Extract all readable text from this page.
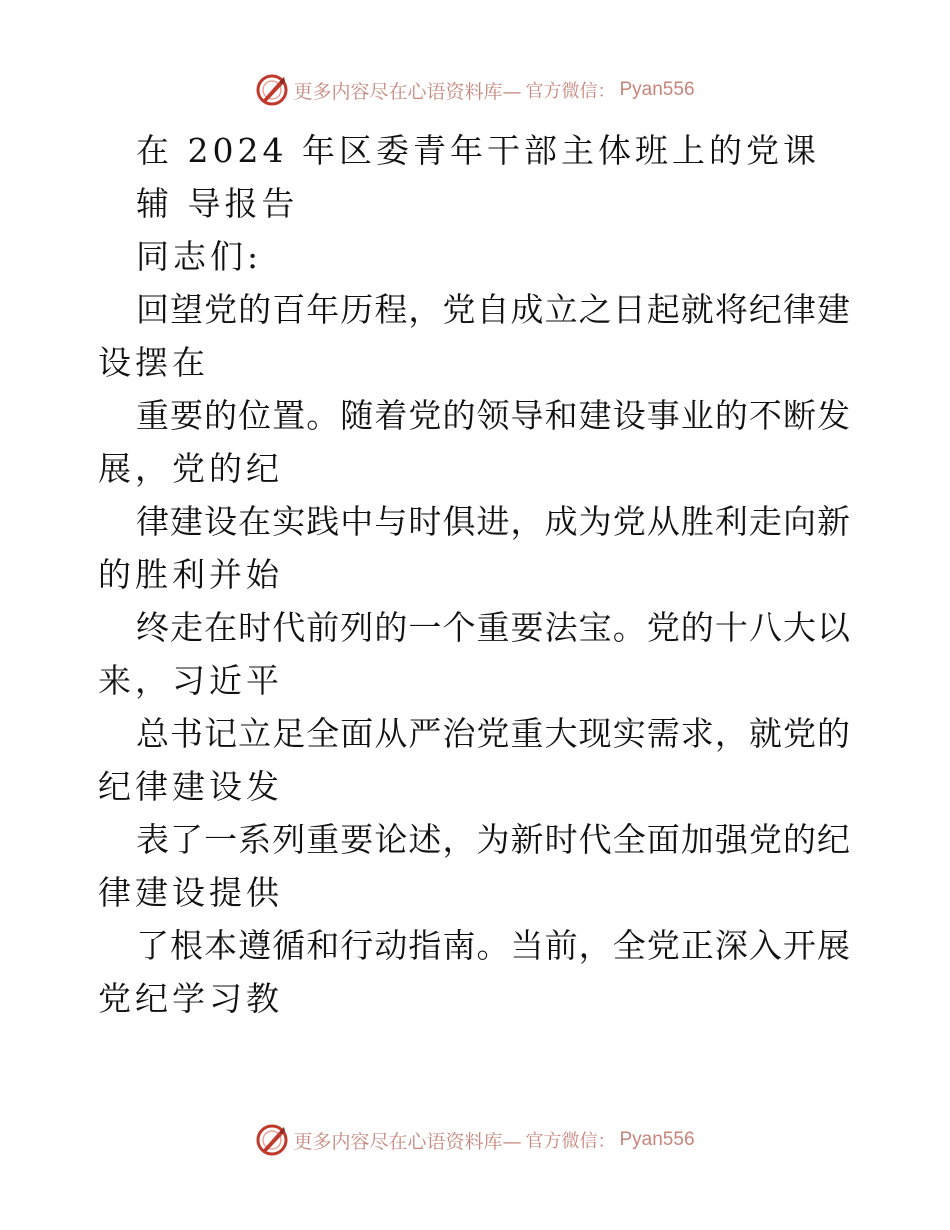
更多内容尽在心语资料库— 官方微信： Pyan556
在 2024 年区委青年干部主体班上的党课
辅 导报告
同志们:
回望党的百年历程，党自成立之日起就将纪律建
设摆在
重要的位置。随着党的领导和建设事业的不断发
展，党的纪
律建设在实践中与时俱进，成为党从胜利走向新
的胜利并始
终走在时代前列的一个重要法宝。党的十八大以
来，习近平
总书记立足全面从严治党重大现实需求，就党的
纪律建设发
表了一系列重要论述，为新时代全面加强党的纪
律建设提供
了根本遵循和行动指南。当前，全党正深入开展
党纪学习教
更多内容尽在心语资料库— 官方微信： Pyan556
